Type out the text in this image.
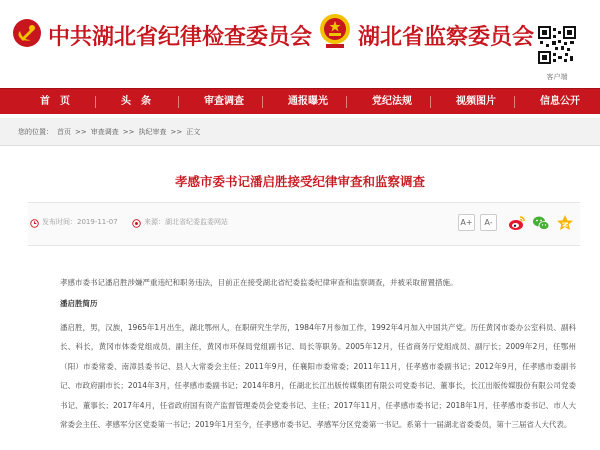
中共湖北省纪律检查委员会 湖北省监察委员会
客户端
首　页	头　条	审查调查	通报曝光	党纪法规	视频图片	信息公开
您的位置： 首页 >> 审查调查 >> 执纪审查 >> 正文
孝感市委书记潘启胜接受纪律审查和监察调查
发布时间：2019-11-07	来源：湖北省纪委监委网站	A+	A-
孝感市委书记潘启胜涉嫌严重违纪和职务违法，目前正在接受湖北省纪委监委纪律审查和监察调查，并被采取留置措施。
潘启胜简历
潘启胜，男，汉族，1965年1月出生，湖北鄂州人，在职研究生学历，1984年7月参加工作，1992年4月加入中国共产党。历任黄冈市委办公室科员、副科长、科长，黄冈市体委党组成员、副主任，黄冈市环保局党组副书记、局长等职务。2005年12月，任省商务厅党组成员、副厅长；2009年2月，任鄂州（阳）市委常委、南漳县委书记、县人大常委会主任；2011年9月，任襄阳市委常委；2011年11月，任孝感市委副书记；2012年9月，任孝感市委副书记、市政府副市长；2014年3月，任孝感市委副书记；2014年8月，任湖北长江出版传媒集团有限公司党委书记、董事长，长江出版传媒股份有限公司党委书记、董事长；2017年4月，任省政府国有资产监督管理委员会党委书记、主任；2017年11月，任孝感市委书记；2018年1月，任孝感市委书记、市人大常委会主任、孝感军分区党委第一书记；2019年1月至今，任孝感市委书记、孝感军分区党委第一书记。系第十一届湖北省委委员，第十三届省人大代表。
